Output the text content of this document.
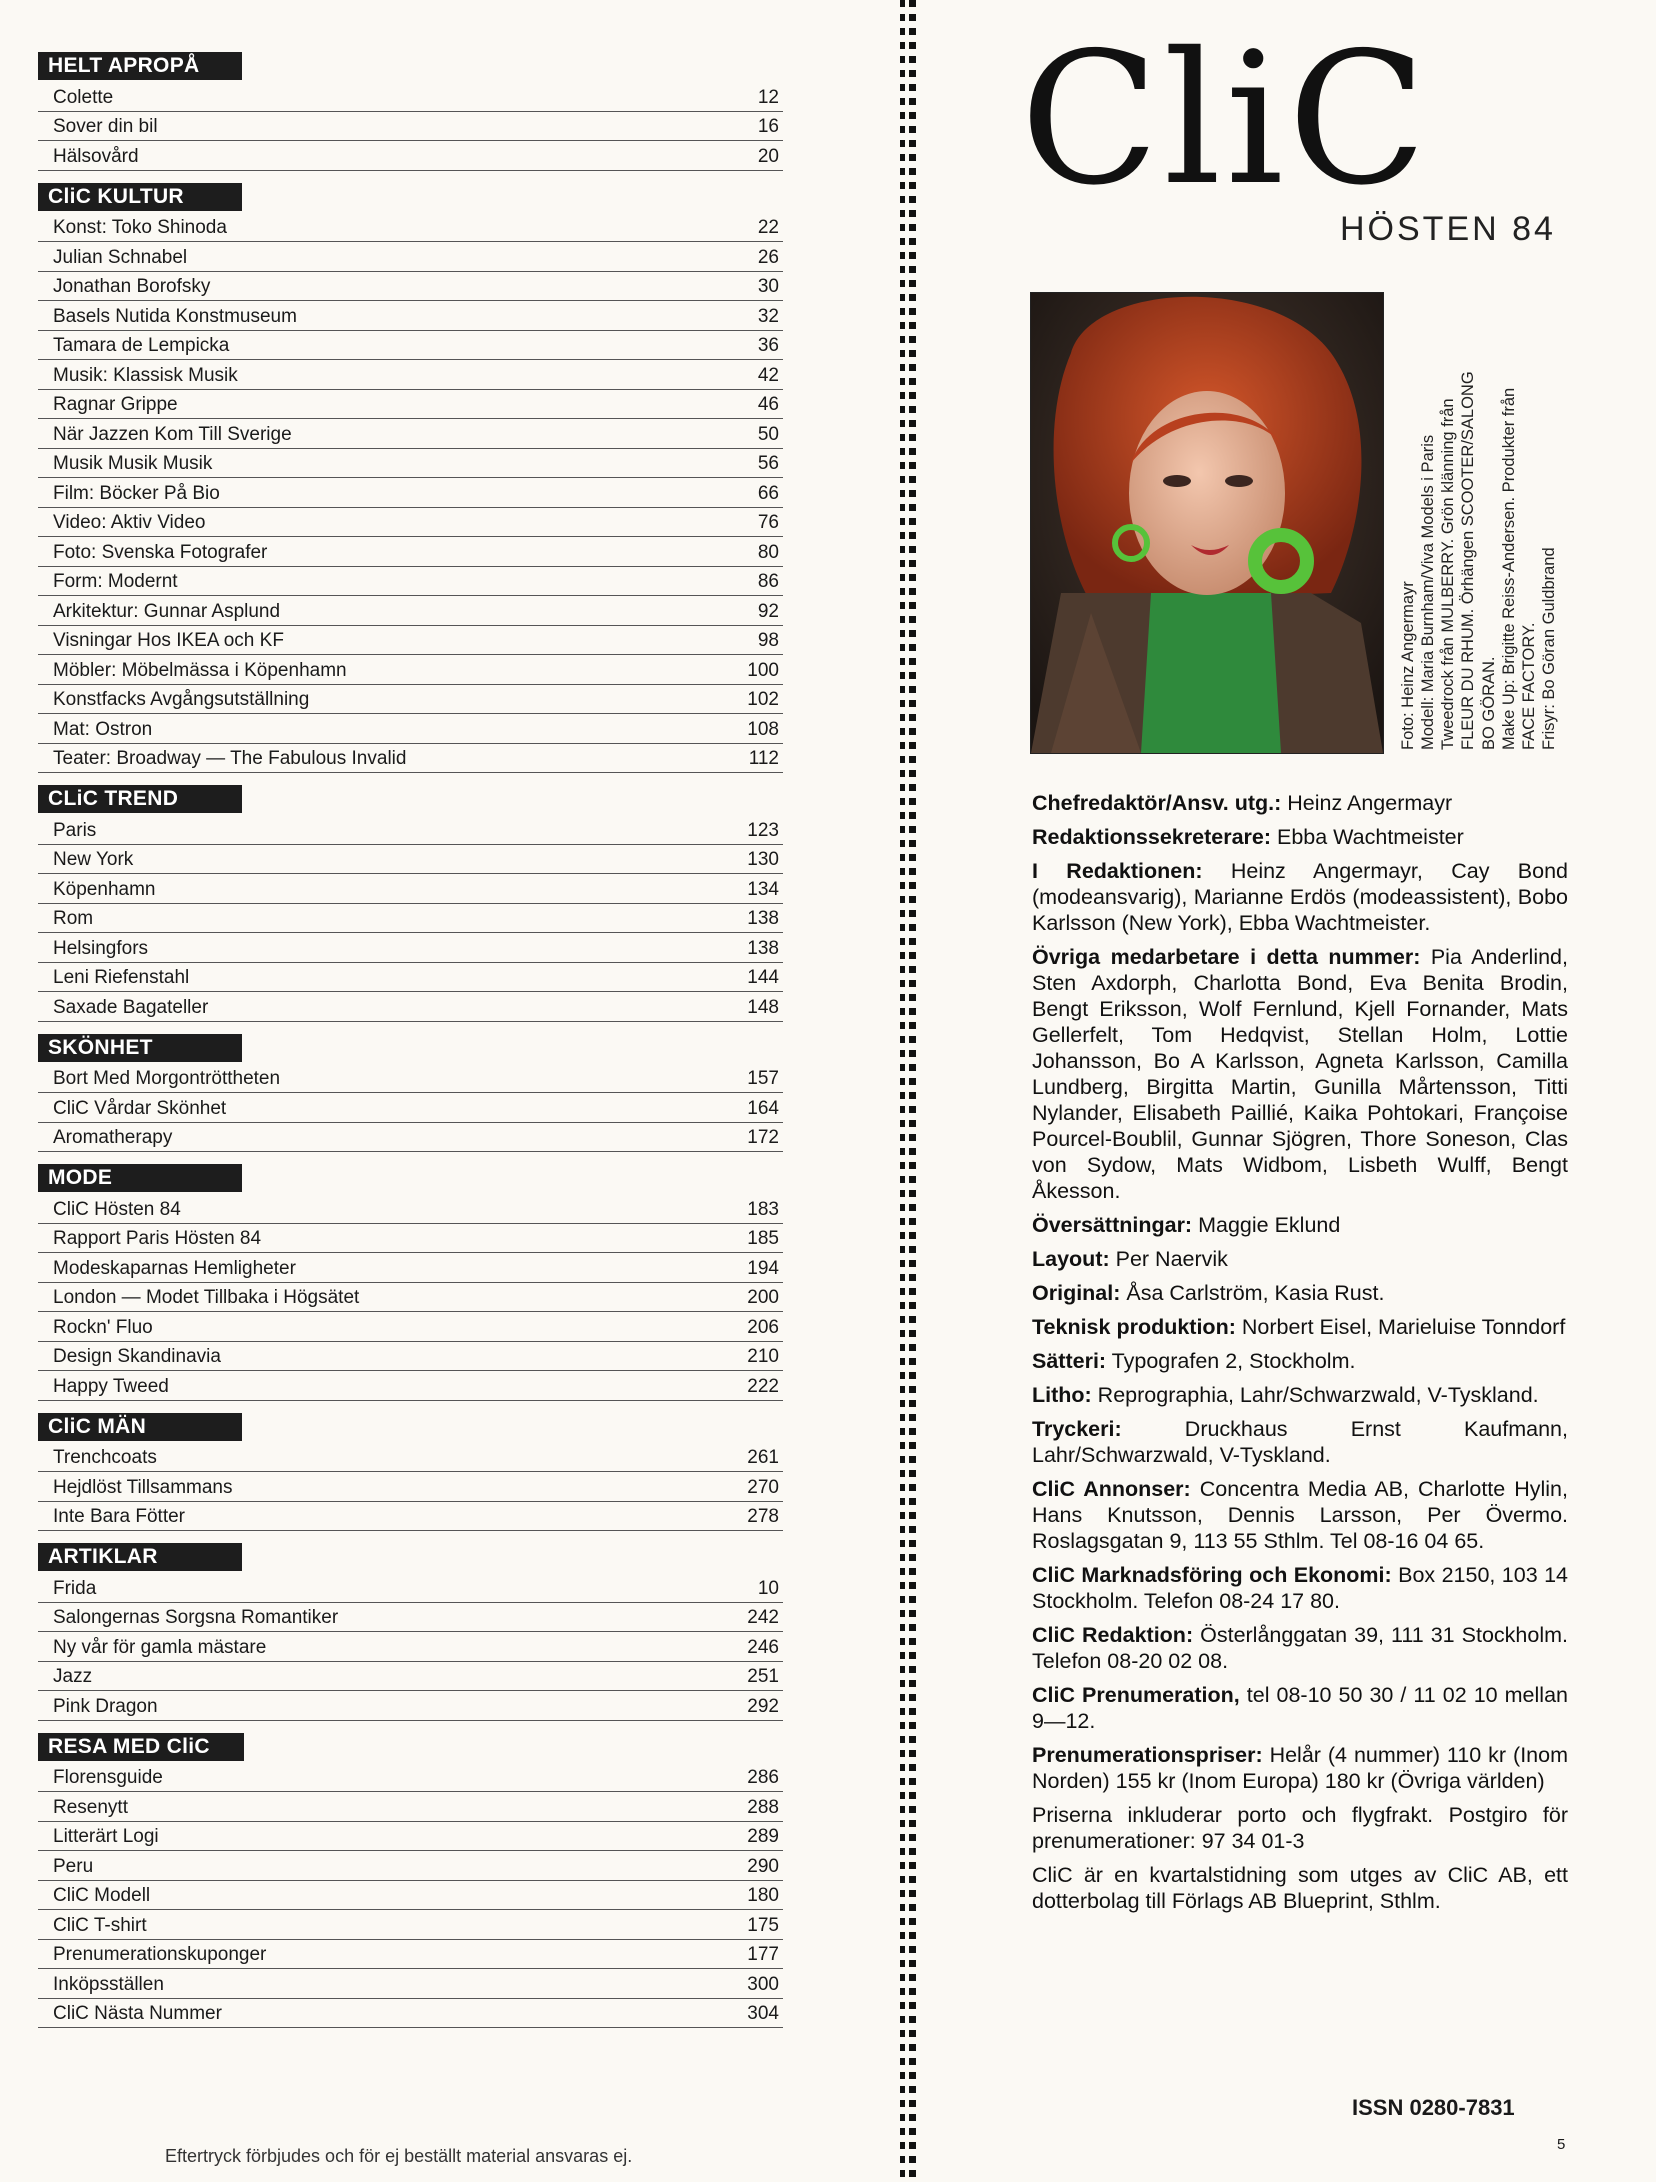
HELT APROPÅ
Colette	12
Sover din bil	16
Hälsovård	20
CliC KULTUR
Konst: Toko Shinoda	22
Julian Schnabel	26
Jonathan Borofsky	30
Basels Nutida Konstmuseum	32
Tamara de Lempicka	36
Musik: Klassisk Musik	42
Ragnar Grippe	46
När Jazzen Kom Till Sverige	50
Musik Musik Musik	56
Film: Böcker På Bio	66
Video: Aktiv Video	76
Foto: Svenska Fotografer	80
Form: Modernt	86
Arkitektur: Gunnar Asplund	92
Visningar Hos IKEA och KF	98
Möbler: Möbelmässa i Köpenhamn	100
Konstfacks Avgångsutställning	102
Mat: Ostron	108
Teater: Broadway — The Fabulous Invalid	112
CLiC TREND
Paris	123
New York	130
Köpenhamn	134
Rom	138
Helsingfors	138
Leni Riefenstahl	144
Saxade Bagateller	148
SKÖNHET
Bort Med Morgontröttheten	157
CliC Vårdar Skönhet	164
Aromatherapy	172
MODE
CliC Hösten 84	183
Rapport Paris Hösten 84	185
Modeskaparnas Hemligheter	194
London — Modet Tillbaka i Högsätet	200
Rockn' Fluo	206
Design Skandinavia	210
Happy Tweed	222
CliC MÄN
Trenchcoats	261
Hejdlöst Tillsammans	270
Inte Bara Fötter	278
ARTIKLAR
Frida	10
Salongernas Sorgsna Romantiker	242
Ny vår för gamla mästare	246
Jazz	251
Pink Dragon	292
RESA MED CliC
Florensguide	286
Resenytt	288
Litterärt Logi	289
Peru	290
CliC Modell	180
CliC T-shirt	175
Prenumerationskuponger	177
Inköpsställen	300
CliC Nästa Nummer	304
Eftertryck förbjudes och för ej beställt material ansvaras ej.
CliC
HÖSTEN 84
Foto: Heinz Angermayr Modell: Maria Burnham/Viva Models i Paris Tweedrock från MULBERRY. Grön klänning från FLEUR DU RHUM. Örhängen SCOOTER/SALONG BO GÖRAN. Make Up: Brigitte Reiss-Andersen. Produkter från FACE FACTORY. Frisyr: Bo Göran Guldbrand

Chefredaktör/Ansv. utg.: Heinz Angermayr

Redaktionssekreterare: Ebba Wachtmeister

I Redaktionen: Heinz Angermayr, Cay Bond (modeansvarig), Marianne Erdös (modeassistent), Bobo Karlsson (New York), Ebba Wachtmeister.

Övriga medarbetare i detta nummer: Pia Anderlind, Sten Axdorph, Charlotta Bond, Eva Benita Brodin, Bengt Eriksson, Wolf Fernlund, Kjell Fornander, Mats Gellerfelt, Tom Hedqvist, Stellan Holm, Lottie Johansson, Bo A Karlsson, Agneta Karlsson, Camilla Lundberg, Birgitta Martin, Gunilla Mårtensson, Titti Nylander, Elisabeth Paillié, Kaika Pohtokari, Françoise Pourcel-Boublil, Gunnar Sjögren, Thore Soneson, Clas von Sydow, Mats Widbom, Lisbeth Wulff, Bengt Åkesson.

Översättningar: Maggie Eklund

Layout: Per Naervik

Original: Åsa Carlström, Kasia Rust.

Teknisk produktion: Norbert Eisel, Marieluise Tonndorf

Sätteri: Typografen 2, Stockholm.

Litho: Reprographia, Lahr/Schwarzwald, V-Tyskland.

Tryckeri: Druckhaus Ernst Kaufmann, Lahr/Schwarzwald, V-Tyskland.

CliC Annonser: Concentra Media AB, Charlotte Hylin, Hans Knutsson, Dennis Larsson, Per Övermo. Roslagsgatan 9, 113 55 Sthlm. Tel 08-16 04 65.

CliC Marknadsföring och Ekonomi: Box 2150, 103 14 Stockholm. Telefon 08-24 17 80.

CliC Redaktion: Österlånggatan 39, 111 31 Stockholm. Telefon 08-20 02 08.

CliC Prenumeration, tel 08-10 50 30 / 11 02 10 mellan 9—12.

Prenumerationspriser: Helår (4 nummer) 110 kr (Inom Norden) 155 kr (Inom Europa) 180 kr (Övriga världen)

Priserna inkluderar porto och flygfrakt. Postgiro för prenumerationer: 97 34 01-3

CliC är en kvartalstidning som utges av CliC AB, ett dotterbolag till Förlags AB Blueprint, Sthlm.

ISSN 0280-7831
5
